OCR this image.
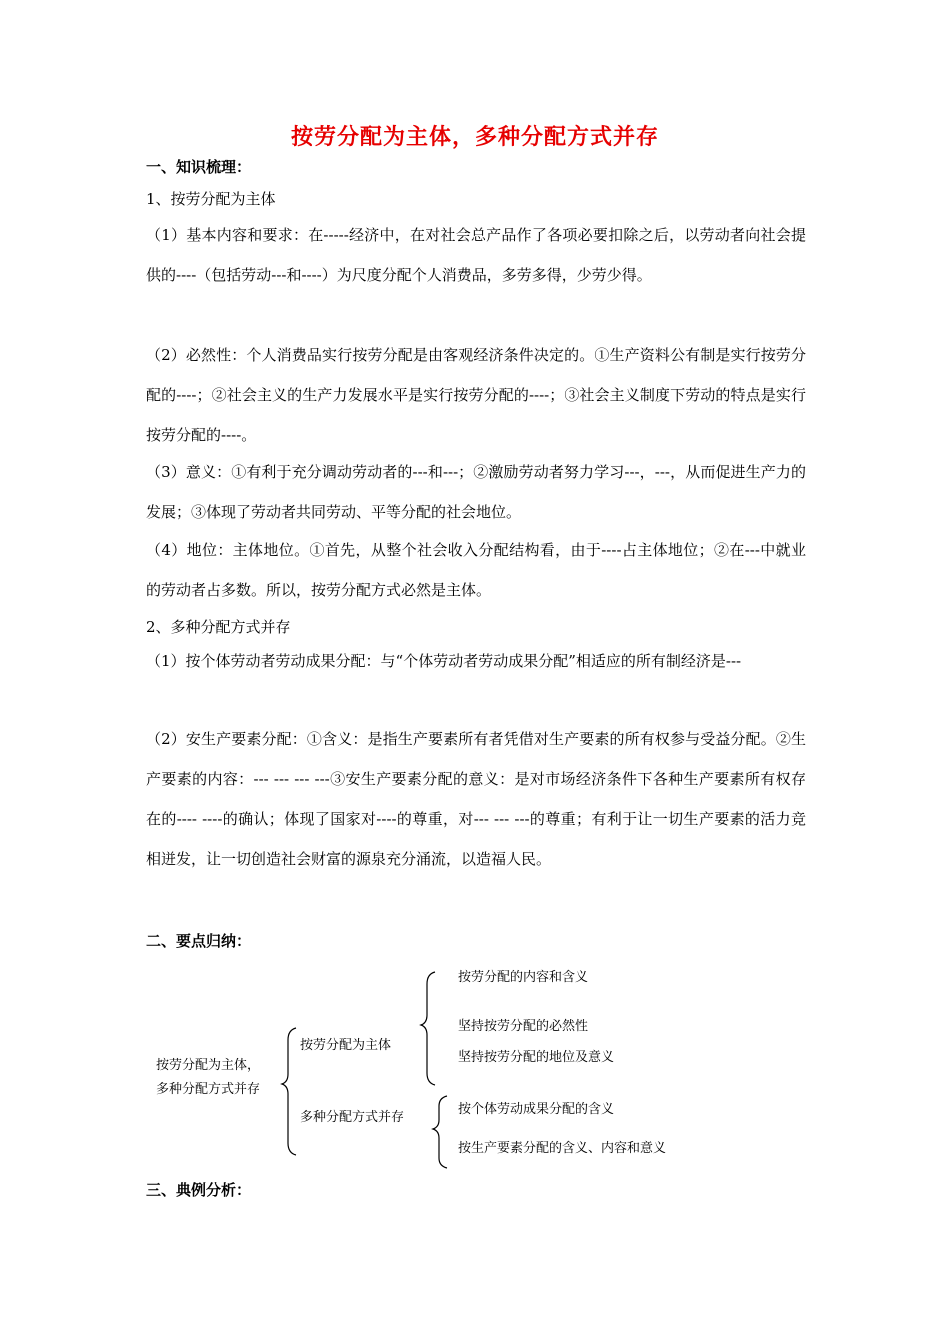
按劳分配为主体，多种分配方式并存
一、知识梳理：
1、按劳分配为主体
（1）基本内容和要求：在-----经济中，在对社会总产品作了各项必要扣除之后，以劳动者向社会提供的----（包括劳动---和----）为尺度分配个人消费品，多劳多得，少劳少得。
（2）必然性：个人消费品实行按劳分配是由客观经济条件决定的。①生产资料公有制是实行按劳分配的----；②社会主义的生产力发展水平是实行按劳分配的----；③社会主义制度下劳动的特点是实行按劳分配的----。
（3）意义：①有利于充分调动劳动者的---和---；②激励劳动者努力学习---，---，从而促进生产力的发展；③体现了劳动者共同劳动、平等分配的社会地位。
（4）地位：主体地位。①首先，从整个社会收入分配结构看，由于----占主体地位；②在---中就业的劳动者占多数。所以，按劳分配方式必然是主体。
2、多种分配方式并存
（1）按个体劳动者劳动成果分配：与“个体劳动者劳动成果分配”相适应的所有制经济是---
（2）安生产要素分配：①含义：是指生产要素所有者凭借对生产要素的所有权参与受益分配。②生产要素的内容：--- --- --- ---③安生产要素分配的意义：是对市场经济条件下各种生产要素所有权存在的---- ----的确认；体现了国家对----的尊重，对--- --- ---的尊重；有利于让一切生产要素的活力竞相迸发，让一切创造社会财富的源泉充分涌流，以造福人民。
二、要点归纳：
按劳分配为主体，
多种分配方式并存
按劳分配为主体
多种分配方式并存
按劳分配的内容和含义
坚持按劳分配的必然性
坚持按劳分配的地位及意义
按个体劳动成果分配的含义
按生产要素分配的含义、内容和意义
三、典例分析：
